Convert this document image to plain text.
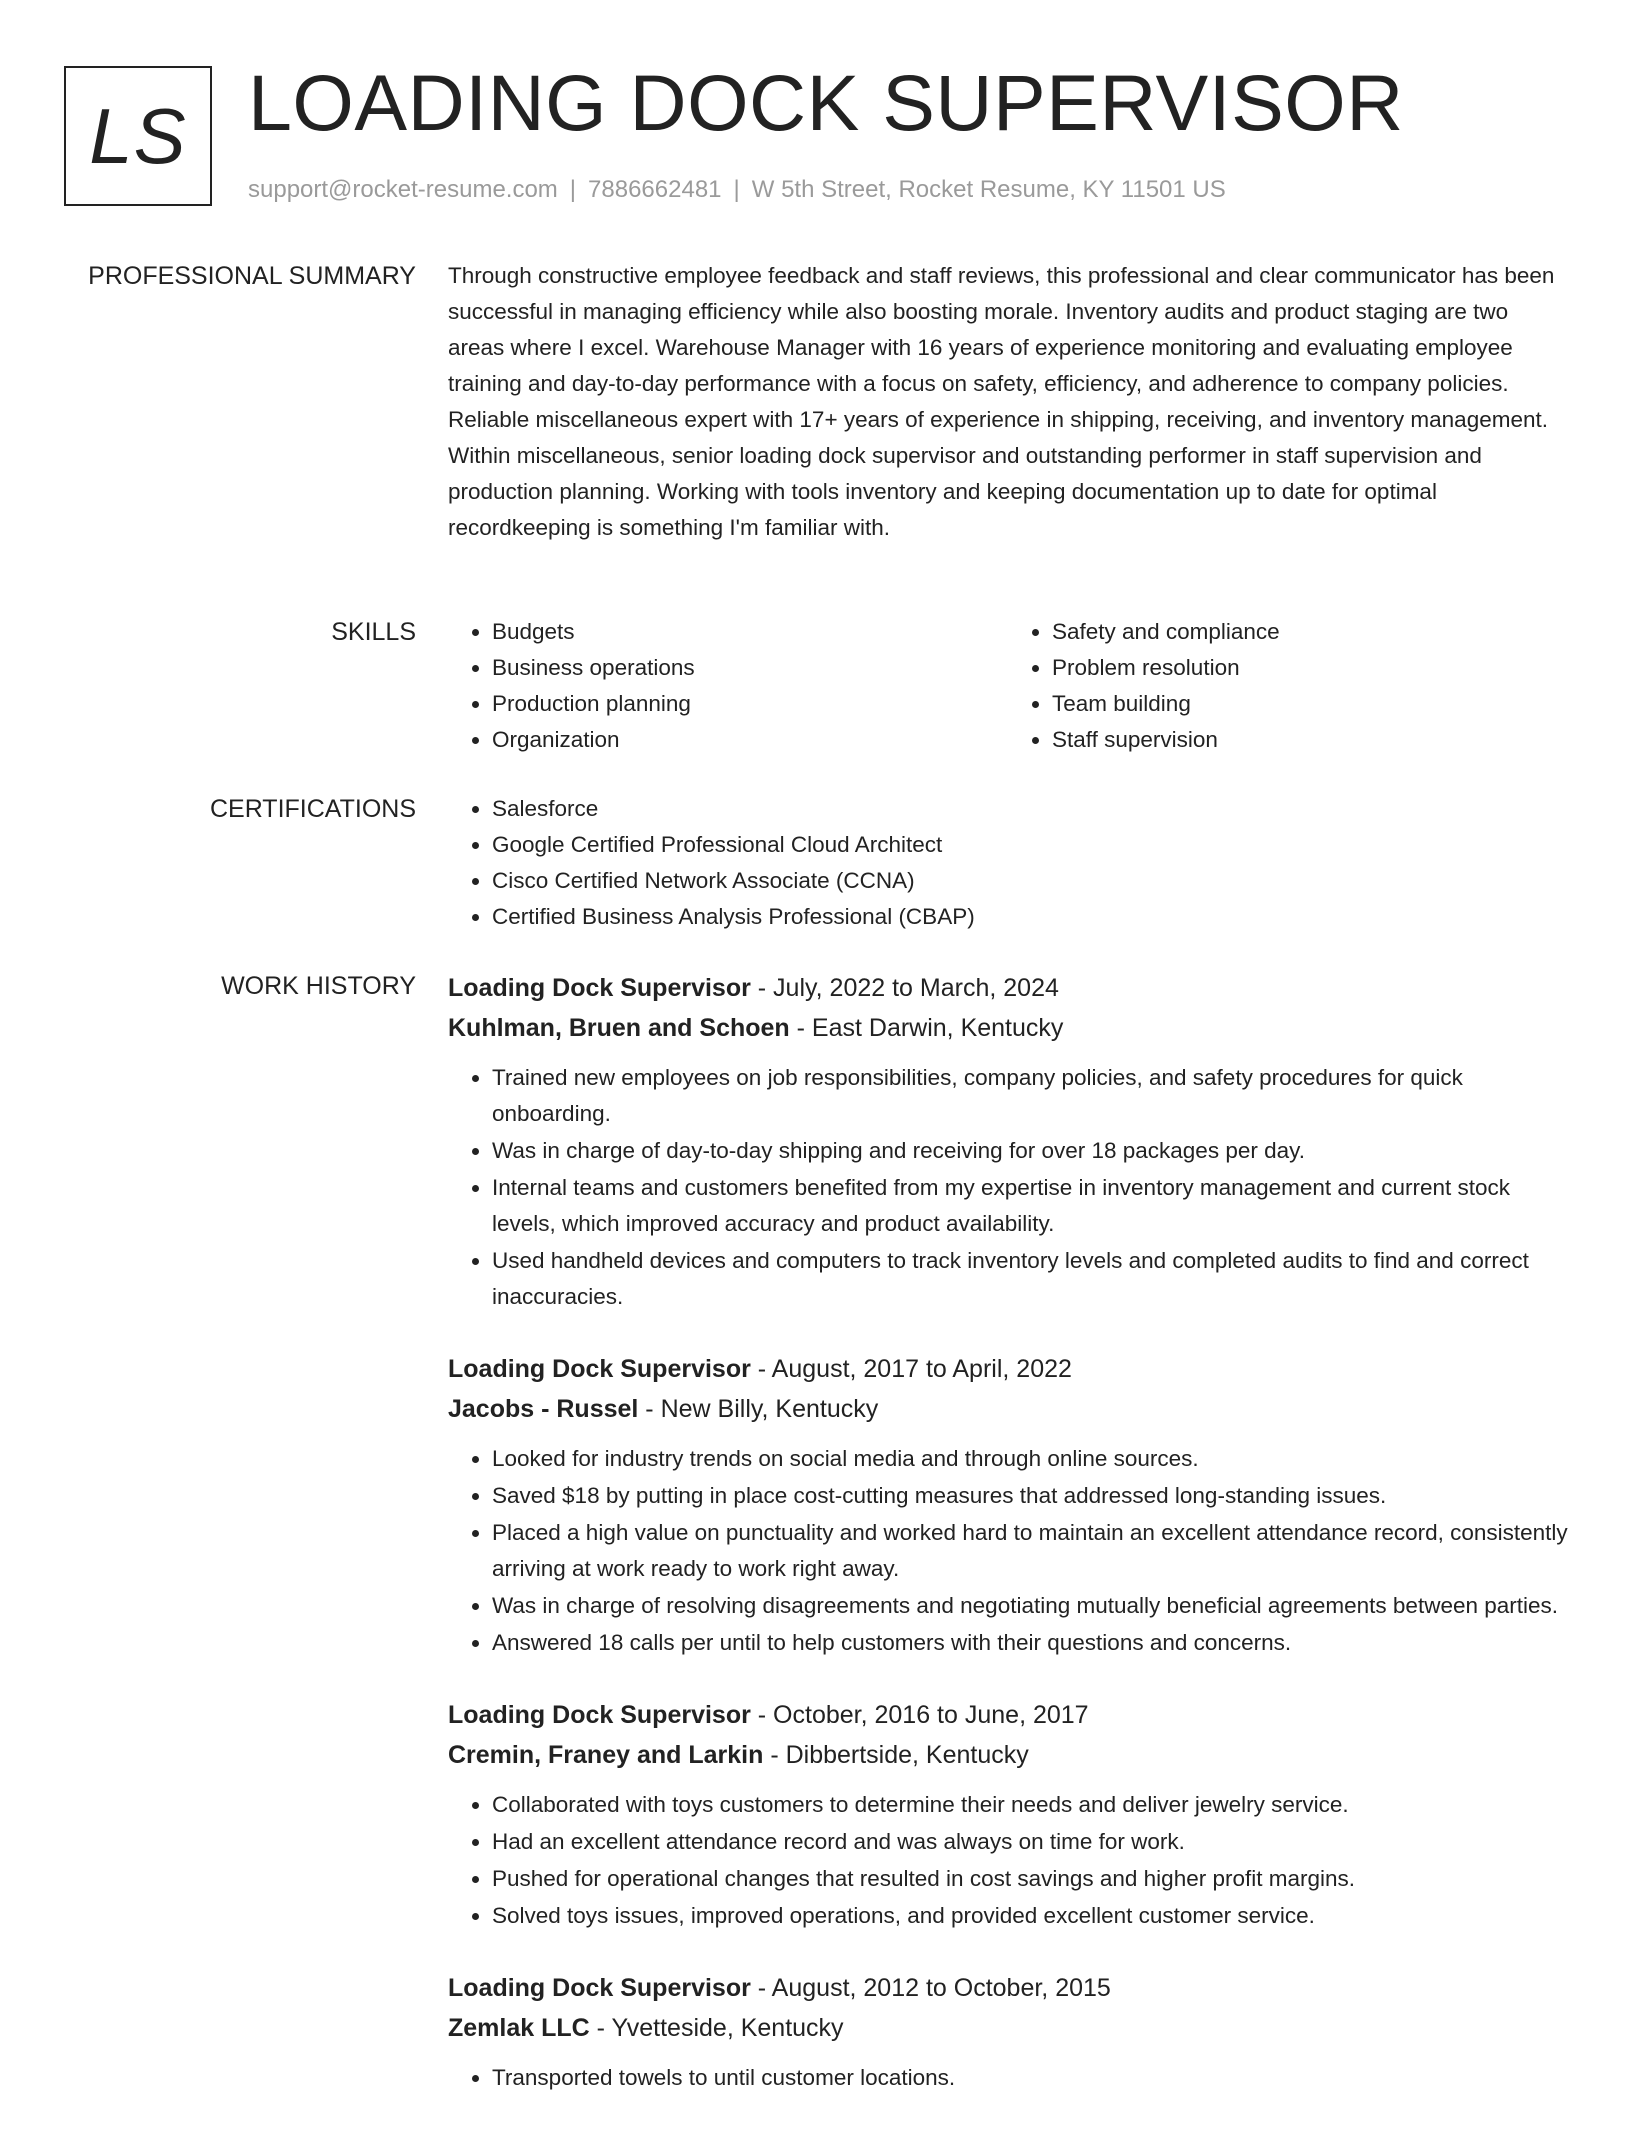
LS LOADING DOCK SUPERVISOR
support@rocket-resume.com | 7886662481 | W 5th Street, Rocket Resume, KY 11501 US
PROFESSIONAL SUMMARY Through constructive employee feedback and staff reviews, this professional and clear communicator has been successful in managing efficiency while also boosting morale. Inventory audits and product staging are two areas where I excel. Warehouse Manager with 16 years of experience monitoring and evaluating employee training and day-to-day performance with a focus on safety, efficiency, and adherence to company policies. Reliable miscellaneous expert with 17+ years of experience in shipping, receiving, and inventory management. Within miscellaneous, senior loading dock supervisor and outstanding performer in staff supervision and production planning. Working with tools inventory and keeping documentation up to date for optimal recordkeeping is something I'm familiar with.

SKILLS	• Budgets
• Business operations
• Production planning
• Organization
• Safety and compliance
• Problem resolution
• Team building
• Staff supervision
CERTIFICATIONS	• Salesforce
• Google Certified Professional Cloud Architect
• Cisco Certified Network Associate (CCNA)
• Certified Business Analysis Professional (CBAP)
WORK HISTORY Loading Dock Supervisor - July, 2022 to March, 2024
Kuhlman, Bruen and Schoen - East Darwin, Kentucky
• Trained new employees on job responsibilities, company policies, and safety procedures for quick onboarding.
• Was in charge of day-to-day shipping and receiving for over 18 packages per day.
• Internal teams and customers benefited from my expertise in inventory management and current stock levels, which improved accuracy and product availability.
• Used handheld devices and computers to track inventory levels and completed audits to find and correct inaccuracies.
Loading Dock Supervisor - August, 2017 to April, 2022
Jacobs - Russel - New Billy, Kentucky
• Looked for industry trends on social media and through online sources.
• Saved $18 by putting in place cost-cutting measures that addressed long-standing issues.
• Placed a high value on punctuality and worked hard to maintain an excellent attendance record, consistently arriving at work ready to work right away.
• Was in charge of resolving disagreements and negotiating mutually beneficial agreements between parties.
• Answered 18 calls per until to help customers with their questions and concerns.
Loading Dock Supervisor - October, 2016 to June, 2017
Cremin, Franey and Larkin - Dibbertside, Kentucky
• Collaborated with toys customers to determine their needs and deliver jewelry service.
• Had an excellent attendance record and was always on time for work.
• Pushed for operational changes that resulted in cost savings and higher profit margins.
• Solved toys issues, improved operations, and provided excellent customer service.
Loading Dock Supervisor - August, 2012 to October, 2015
Zemlak LLC - Yvetteside, Kentucky
• Transported towels to until customer locations.
